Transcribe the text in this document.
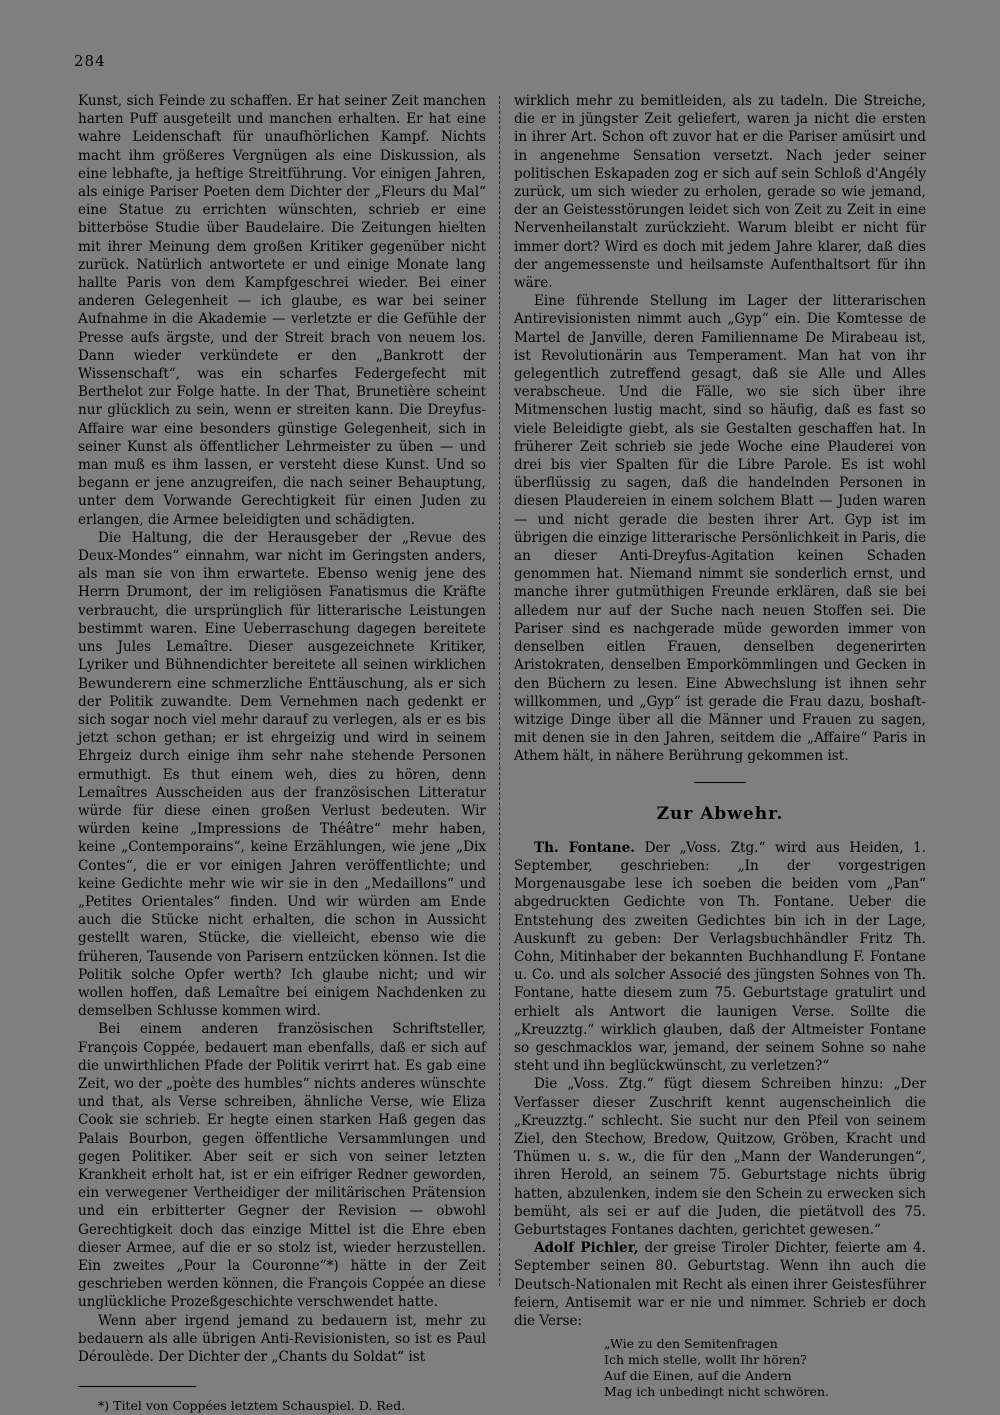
284

Kunst, sich Feinde zu schaffen. Er hat seiner Zeit manchen harten Puff ausgeteilt und manchen erhalten. Er hat eine wahre Leidenschaft für unaufhörlichen Kampf. Nichts macht ihm größeres Vergnügen als eine Diskussion, als eine lebhafte, ja heftige Streitführung. Vor einigen Jahren, als einige Pariser Poeten dem Dichter der „Fleurs du Mal“ eine Statue zu errichten wünschten, schrieb er eine bitterböse Studie über Baudelaire. Die Zeitungen hielten mit ihrer Meinung dem großen Kritiker gegenüber nicht zurück. Natürlich antwortete er und einige Monate lang hallte Paris von dem Kampfgeschrei wieder. Bei einer anderen Gelegenheit — ich glaube, es war bei seiner Aufnahme in die Akademie — verletzte er die Gefühle der Presse aufs ärgste, und der Streit brach von neuem los. Dann wieder verkündete er den „Bankrott der Wissenschaft“, was ein scharfes Federgefecht mit Berthelot zur Folge hatte. In der That, Brunetière scheint nur glücklich zu sein, wenn er streiten kann. Die Dreyfus-Affaire war eine besonders günstige Gelegenheit, sich in seiner Kunst als öffentlicher Lehrmeister zu üben — und man muß es ihm lassen, er versteht diese Kunst. Und so begann er jene anzugreifen, die nach seiner Behauptung, unter dem Vorwande Gerechtigkeit für einen Juden zu erlangen, die Armee beleidigten und schädigten.

Die Haltung, die der Herausgeber der „Revue des Deux-Mondes“ einnahm, war nicht im Geringsten anders, als man sie von ihm erwartete. Ebenso wenig jene des Herrn Drumont, der im religiösen Fanatismus die Kräfte verbraucht, die ursprünglich für litterarische Leistungen bestimmt waren. Eine Ueberraschung dagegen bereitete uns Jules Lemaître. Dieser ausgezeichnete Kritiker, Lyriker und Bühnendichter bereitete all seinen wirklichen Bewunderern eine schmerzliche Enttäuschung, als er sich der Politik zuwandte. Dem Vernehmen nach gedenkt er sich sogar noch viel mehr darauf zu verlegen, als er es bis jetzt schon gethan; er ist ehrgeizig und wird in seinem Ehrgeiz durch einige ihm sehr nahe stehende Personen ermuthigt. Es thut einem weh, dies zu hören, denn Lemaîtres Ausscheiden aus der französischen Litteratur würde für diese einen großen Verlust bedeuten. Wir würden keine „Impressions de Théâtre“ mehr haben, keine „Contemporains“, keine Erzählungen, wie jene „Dix Contes“, die er vor einigen Jahren veröffentlichte; und keine Gedichte mehr wie wir sie in den „Medaillons“ und „Petites Orientales“ finden. Und wir würden am Ende auch die Stücke nicht erhalten, die schon in Aussicht gestellt waren, Stücke, die vielleicht, ebenso wie die früheren, Tausende von Parisern entzücken können. Ist die Politik solche Opfer werth? Ich glaube nicht; und wir wollen hoffen, daß Lemaître bei einigem Nachdenken zu demselben Schlusse kommen wird.

Bei einem anderen französischen Schriftsteller, François Coppée, bedauert man ebenfalls, daß er sich auf die unwirthlichen Pfade der Politik verirrt hat. Es gab eine Zeit, wo der „poète des humbles“ nichts anderes wünschte und that, als Verse schreiben, ähnliche Verse, wie Eliza Cook sie schrieb. Er hegte einen starken Haß gegen das Palais Bourbon, gegen öffentliche Versammlungen und gegen Politiker. Aber seit er sich von seiner letzten Krankheit erholt hat, ist er ein eifriger Redner geworden, ein verwegener Vertheidiger der militärischen Prätension und ein erbitterter Gegner der Revision — obwohl Gerechtigkeit doch das einzige Mittel ist die Ehre eben dieser Armee, auf die er so stolz ist, wieder herzustellen. Ein zweites „Pour la Couronne“*) hätte in der Zeit geschrieben werden können, die François Coppée an diese unglückliche Prozeßgeschichte verschwendet hatte.

Wenn aber irgend jemand zu bedauern ist, mehr zu bedauern als alle übrigen Anti-Revisionisten, so ist es Paul Déroulède. Der Dichter der „Chants du Soldat“ ist

*) Titel von Coppées letztem Schauspiel. D. Red.

wirklich mehr zu bemitleiden, als zu tadeln. Die Streiche, die er in jüngster Zeit geliefert, waren ja nicht die ersten in ihrer Art. Schon oft zuvor hat er die Pariser amüsirt und in angenehme Sensation versetzt. Nach jeder seiner politischen Eskapaden zog er sich auf sein Schloß d'Angély zurück, um sich wieder zu erholen, gerade so wie jemand, der an Geistesstörungen leidet sich von Zeit zu Zeit in eine Nervenheilanstalt zurückzieht. Warum bleibt er nicht für immer dort? Wird es doch mit jedem Jahre klarer, daß dies der angemessenste und heilsamste Aufenthaltsort für ihn wäre.

Eine führende Stellung im Lager der litterarischen Antirevisionisten nimmt auch „Gyp“ ein. Die Komtesse de Martel de Janville, deren Familienname De Mirabeau ist, ist Revolutionärin aus Temperament. Man hat von ihr gelegentlich zutreffend gesagt, daß sie Alle und Alles verabscheue. Und die Fälle, wo sie sich über ihre Mitmenschen lustig macht, sind so häufig, daß es fast so viele Beleidigte giebt, als sie Gestalten geschaffen hat. In früherer Zeit schrieb sie jede Woche eine Plauderei von drei bis vier Spalten für die Libre Parole. Es ist wohl überflüssig zu sagen, daß die handelnden Personen in diesen Plaudereien in einem solchem Blatt — Juden waren — und nicht gerade die besten ihrer Art. Gyp ist im übrigen die einzige litterarische Persönlichkeit in Paris, die an dieser Anti-Dreyfus-Agitation keinen Schaden genommen hat. Niemand nimmt sie sonderlich ernst, und manche ihrer gutmüthigen Freunde erklären, daß sie bei alledem nur auf der Suche nach neuen Stoffen sei. Die Pariser sind es nachgerade müde geworden immer von denselben eitlen Frauen, denselben degenerirten Aristokraten, denselben Emporkömmlingen und Gecken in den Büchern zu lesen. Eine Abwechslung ist ihnen sehr willkommen, und „Gyp“ ist gerade die Frau dazu, boshaft-witzige Dinge über all die Männer und Frauen zu sagen, mit denen sie in den Jahren, seitdem die „Affaire“ Paris in Athem hält, in nähere Berührung gekommen ist.

Zur Abwehr.

Th. Fontane. Der „Voss. Ztg.“ wird aus Heiden, 1. September, geschrieben: „In der vorgestrigen Morgenausgabe lese ich soeben die beiden vom „Pan“ abgedruckten Gedichte von Th. Fontane. Ueber die Entstehung des zweiten Gedichtes bin ich in der Lage, Auskunft zu geben: Der Verlagsbuchhändler Fritz Th. Cohn, Mitinhaber der bekannten Buchhandlung F. Fontane u. Co. und als solcher Associé des jüngsten Sohnes von Th. Fontane, hatte diesem zum 75. Geburtstage gratulirt und erhielt als Antwort die launigen Verse. Sollte die „Kreuzztg.“ wirklich glauben, daß der Altmeister Fontane so geschmacklos war, jemand, der seinem Sohne so nahe steht und ihn beglückwünscht, zu verletzen?“

Die „Voss. Ztg.“ fügt diesem Schreiben hinzu: „Der Verfasser dieser Zuschrift kennt augenscheinlich die „Kreuzztg.“ schlecht. Sie sucht nur den Pfeil von seinem Ziel, den Stechow, Bredow, Quitzow, Gröben, Kracht und Thümen u. s. w., die für den „Mann der Wanderungen“, ihren Herold, an seinem 75. Geburtstage nichts übrig hatten, abzulenken, indem sie den Schein zu erwecken sich bemüht, als sei er auf die Juden, die pietätvoll des 75. Geburtstages Fontanes dachten, gerichtet gewesen.“

Adolf Pichler, der greise Tiroler Dichter, feierte am 4. September seinen 80. Geburtstag. Wenn ihn auch die Deutsch-Nationalen mit Recht als einen ihrer Geistesführer feiern, Antisemit war er nie und nimmer. Schrieb er doch die Verse:

„Wie zu den Semitenfragen
Ich mich stelle, wollt Ihr hören?
Auf die Einen, auf die Andern
Mag ich unbedingt nicht schwören.
